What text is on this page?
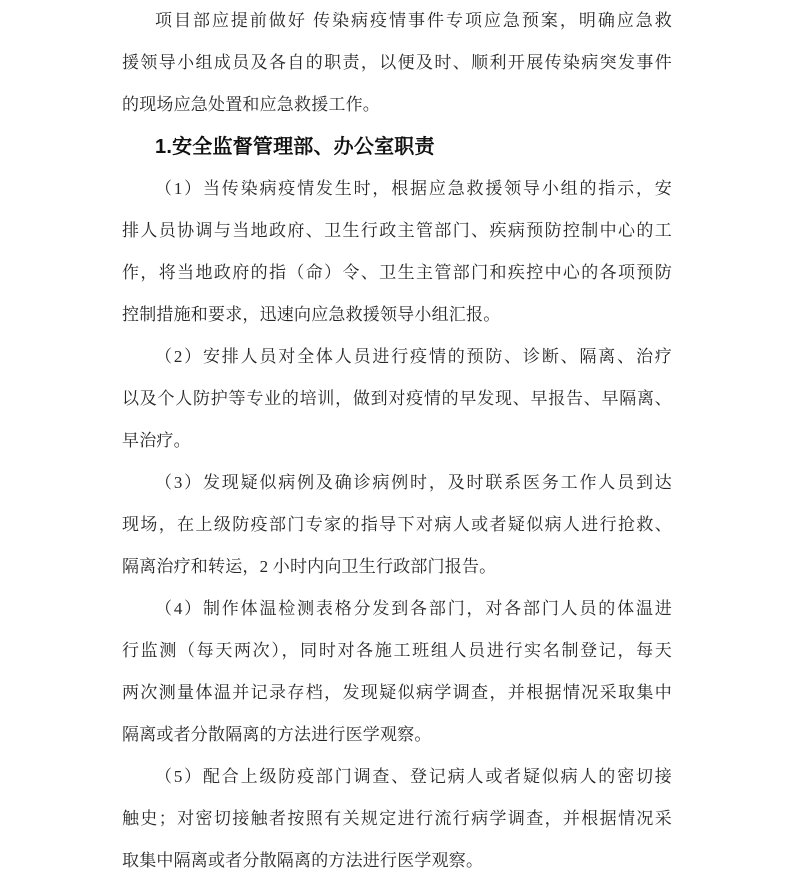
项目部应提前做好 传染病疫情事件专项应急预案，明确应急救
援领导小组成员及各自的职责，以便及时、顺利开展传染病突发事件
的现场应急处置和应急救援工作。
1.安全监督管理部、办公室职责
（1）当传染病疫情发生时，根据应急救援领导小组的指示，安
排人员协调与当地政府、卫生行政主管部门、疾病预防控制中心的工
作，将当地政府的指（命）令、卫生主管部门和疾控中心的各项预防
控制措施和要求，迅速向应急救援领导小组汇报。
（2）安排人员对全体人员进行疫情的预防、诊断、隔离、治疗
以及个人防护等专业的培训，做到对疫情的早发现、早报告、早隔离、
早治疗。
（3）发现疑似病例及确诊病例时，及时联系医务工作人员到达
现场，在上级防疫部门专家的指导下对病人或者疑似病人进行抢救、
隔离治疗和转运，2 小时内向卫生行政部门报告。
（4）制作体温检测表格分发到各部门，对各部门人员的体温进
行监测（每天两次），同时对各施工班组人员进行实名制登记，每天
两次测量体温并记录存档，发现疑似病学调查，并根据情况采取集中
隔离或者分散隔离的方法进行医学观察。
（5）配合上级防疫部门调查、登记病人或者疑似病人的密切接
触史；对密切接触者按照有关规定进行流行病学调查，并根据情况采
取集中隔离或者分散隔离的方法进行医学观察。
